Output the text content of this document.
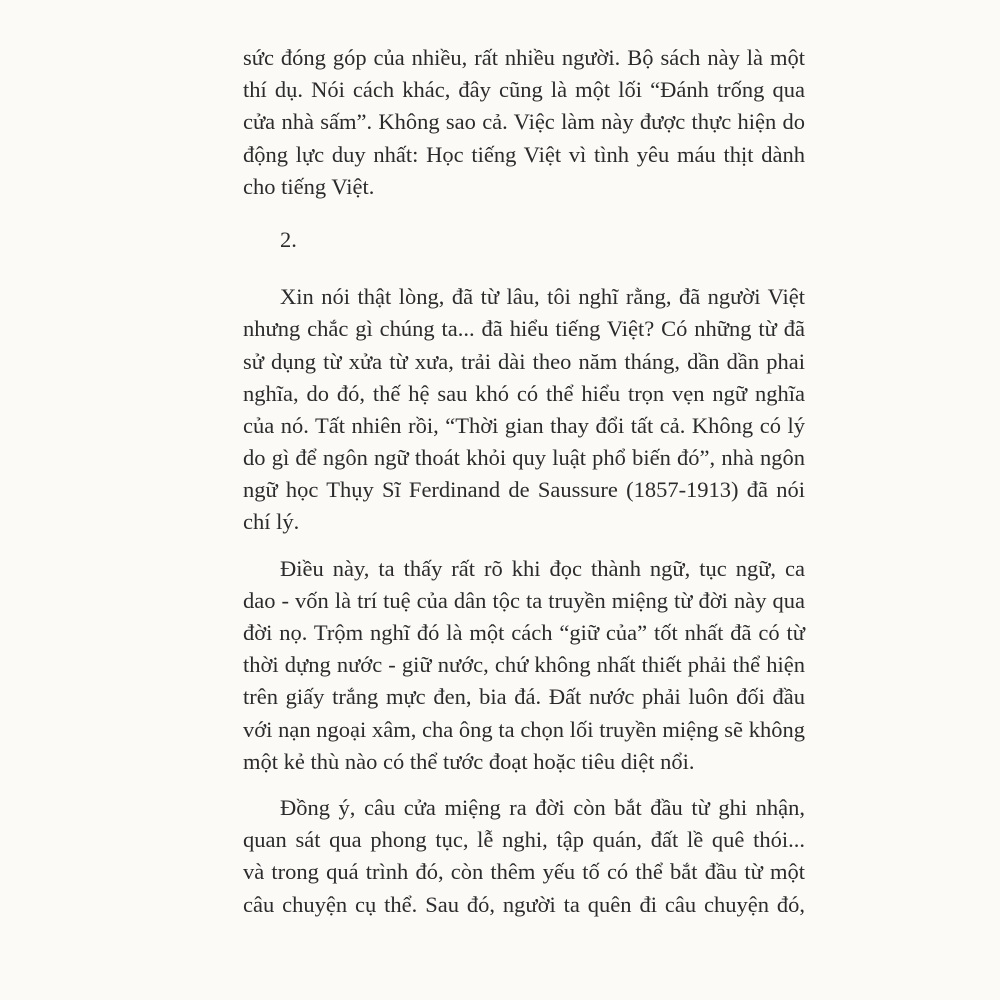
sức đóng góp của nhiều, rất nhiều người. Bộ sách này là một
thí dụ. Nói cách khác, đây cũng là một lối “Đánh trống qua
cửa nhà sấm”. Không sao cả. Việc làm này được thực hiện do
động lực duy nhất: Học tiếng Việt vì tình yêu máu thịt dành
cho tiếng Việt.
2.
Xin nói thật lòng, đã từ lâu, tôi nghĩ rằng, đã người Việt
nhưng chắc gì chúng ta... đã hiểu tiếng Việt? Có những từ đã
sử dụng từ xửa từ xưa, trải dài theo năm tháng, dần dần phai
nghĩa, do đó, thế hệ sau khó có thể hiểu trọn vẹn ngữ nghĩa
của nó. Tất nhiên rồi, “Thời gian thay đổi tất cả. Không có lý
do gì để ngôn ngữ thoát khỏi quy luật phổ biến đó”, nhà ngôn
ngữ học Thụy Sĩ Ferdinand de Saussure (1857-1913) đã nói
chí lý.
Điều này, ta thấy rất rõ khi đọc thành ngữ, tục ngữ, ca
dao - vốn là trí tuệ của dân tộc ta truyền miệng từ đời này qua
đời nọ. Trộm nghĩ đó là một cách “giữ của” tốt nhất đã có từ
thời dựng nước - giữ nước, chứ không nhất thiết phải thể hiện
trên giấy trắng mực đen, bia đá. Đất nước phải luôn đối đầu
với nạn ngoại xâm, cha ông ta chọn lối truyền miệng sẽ không
một kẻ thù nào có thể tước đoạt hoặc tiêu diệt nổi.
Đồng ý, câu cửa miệng ra đời còn bắt đầu từ ghi nhận,
quan sát qua phong tục, lễ nghi, tập quán, đất lề quê thói...
và trong quá trình đó, còn thêm yếu tố có thể bắt đầu từ một
câu chuyện cụ thể. Sau đó, người ta quên đi câu chuyện đó,
